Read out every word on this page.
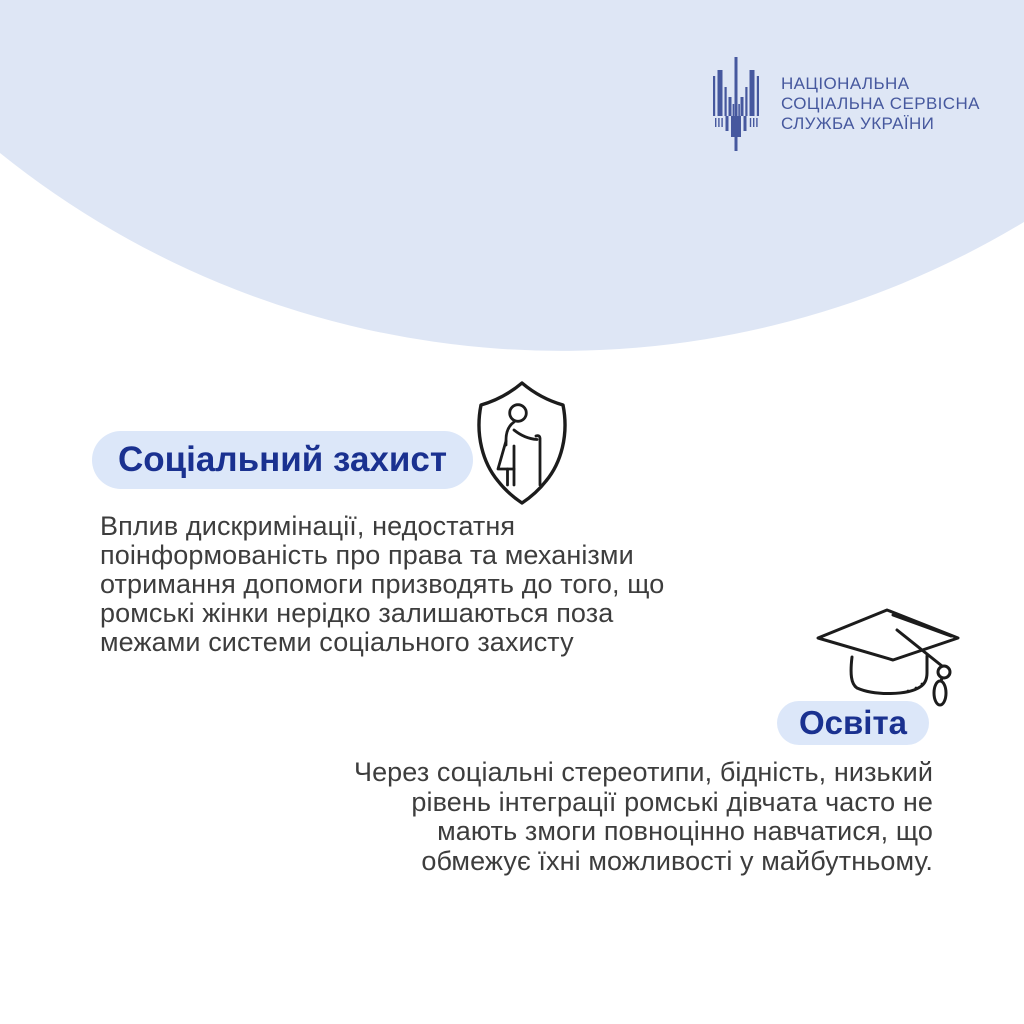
НАЦІОНАЛЬНА
СОЦІАЛЬНА СЕРВІСНА
СЛУЖБА УКРАЇНИ
Соціальний захист
Вплив дискримінації, недостатня
поінформованість про права та механізми
отримання допомоги призводять до того, що
ромські жінки нерідко залишаються поза
межами системи соціального захисту
Освіта
Через соціальні стереотипи, бідність, низький
рівень інтеграції ромські дівчата часто не
мають змоги повноцінно навчатися, що
обмежує їхні можливості у майбутньому.
